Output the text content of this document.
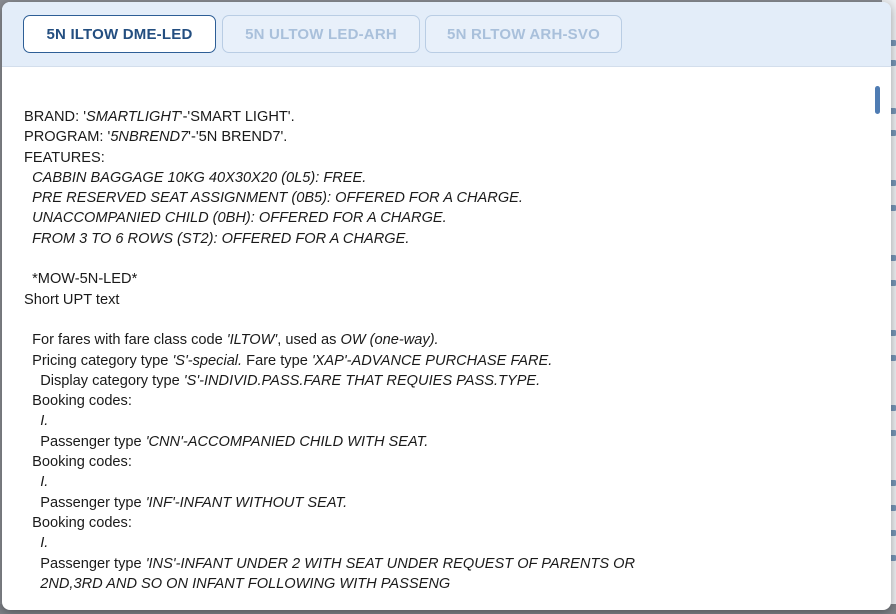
5N ILTOW DME-LED	5N ULTOW LED-ARH	5N RLTOW ARH-SVO
BRAND: 'SMARTLIGHT'-'SMART LIGHT'.
PROGRAM: '5NBREND7'-'5N BREND7'.
FEATURES:
CABBIN BAGGAGE 10KG 40X30X20 (0L5): FREE.
PRE RESERVED SEAT ASSIGNMENT (0B5): OFFERED FOR A CHARGE.
UNACCOMPANIED CHILD (0BH): OFFERED FOR A CHARGE.
FROM 3 TO 6 ROWS (ST2): OFFERED FOR A CHARGE.

*MOW-5N-LED*
Short UPT text

For fares with fare class code 'ILTOW', used as OW (one-way).
Pricing category type 'S'-special. Fare type 'XAP'-ADVANCE PURCHASE FARE.
Display category type 'S'-INDIVID.PASS.FARE THAT REQUIES PASS.TYPE.
Booking codes:
I.
Passenger type 'CNN'-ACCOMPANIED CHILD WITH SEAT.
Booking codes:
I.
Passenger type 'INF'-INFANT WITHOUT SEAT.
Booking codes:
I.
Passenger type 'INS'-INFANT UNDER 2 WITH SEAT UNDER REQUEST OF PARENTS OR
2ND,3RD AND SO ON INFANT FOLLOWING WITH PASSENG
